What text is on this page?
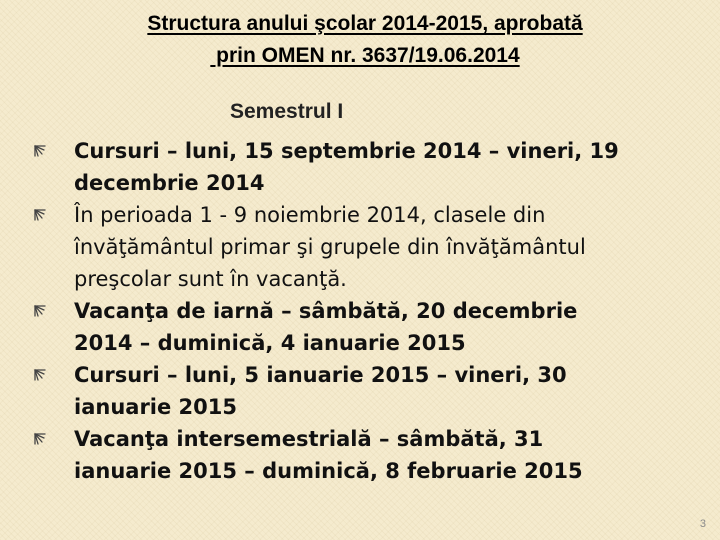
Structura anului şcolar 2014-2015, aprobată
prin OMEN nr. 3637/19.06.2014
Semestrul I
Cursuri – luni, 15 septembrie 2014 – vineri, 19
decembrie 2014
În perioada 1 - 9 noiembrie 2014, clasele din
învăţământul primar şi grupele din învăţământul
preşcolar sunt în vacanţă.
Vacanţa de iarnă – sâmbătă, 20 decembrie
2014 – duminică, 4 ianuarie 2015
Cursuri – luni, 5 ianuarie 2015 – vineri, 30
ianuarie 2015
Vacanţa intersemestrială – sâmbătă, 31
ianuarie 2015 – duminică, 8 februarie 2015
3
